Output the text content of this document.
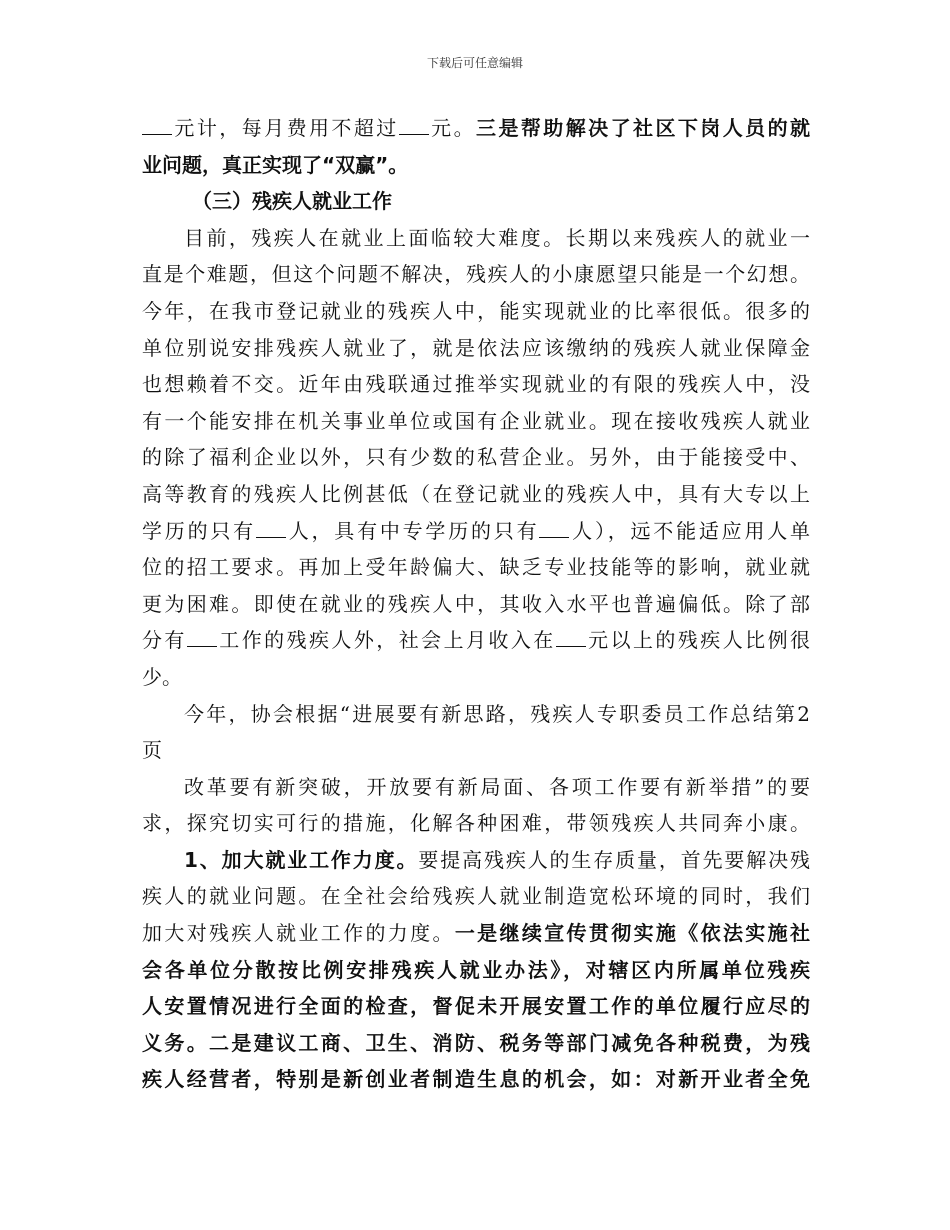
下载后可任意编辑
元计，每月费用不超过 元。三是帮助解决了社区下岗人员的就
业问题，真正实现了“双赢”。
（三）残疾人就业工作
目前，残疾人在就业上面临较大难度。长期以来残疾人的就业一
直是个难题，但这个问题不解决，残疾人的小康愿望只能是一个幻想。
今年，在我市登记就业的残疾人中，能实现就业的比率很低。很多的
单位别说安排残疾人就业了，就是依法应该缴纳的残疾人就业保障金
也想赖着不交。近年由残联通过推举实现就业的有限的残疾人中，没
有一个能安排在机关事业单位或国有企业就业。现在接收残疾人就业
的除了福利企业以外，只有少数的私营企业。另外，由于能接受中、
高等教育的残疾人比例甚低（在登记就业的残疾人中，具有大专以上
学历的只有 人，具有中专学历的只有 人），远不能适应用人单
位的招工要求。再加上受年龄偏大、缺乏专业技能等的影响，就业就
更为困难。即使在就业的残疾人中，其收入水平也普遍偏低。除了部
分有 工作的残疾人外，社会上月收入在 元以上的残疾人比例很
少。
今年，协会根据“进展要有新思路，残疾人专职委员工作总结第2
页
改革要有新突破，开放要有新局面、各项工作要有新举措”的要
求，探究切实可行的措施，化解各种困难，带领残疾人共同奔小康。
1、加大就业工作力度。要提高残疾人的生存质量，首先要解决残
疾人的就业问题。在全社会给残疾人就业制造宽松环境的同时，我们
加大对残疾人就业工作的力度。一是继续宣传贯彻实施《依法实施社
会各单位分散按比例安排残疾人就业办法》，对辖区内所属单位残疾
人安置情况进行全面的检查，督促未开展安置工作的单位履行应尽的
义务。二是建议工商、卫生、消防、税务等部门减免各种税费，为残
疾人经营者，特别是新创业者制造生息的机会，如：对新开业者全免
